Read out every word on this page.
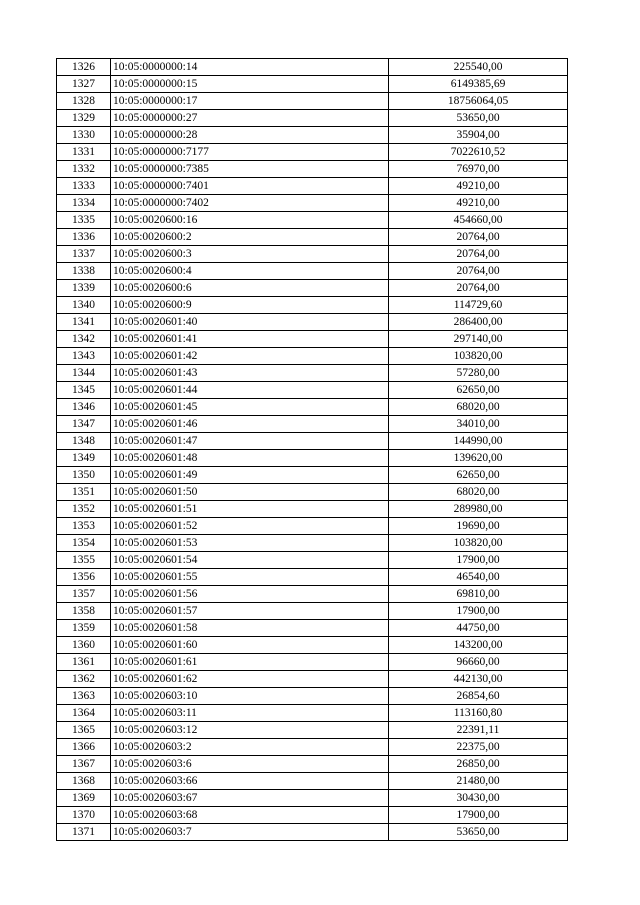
1326	10:05:0000000:14	225540,00
1327	10:05:0000000:15	6149385,69
1328	10:05:0000000:17	18756064,05
1329	10:05:0000000:27	53650,00
1330	10:05:0000000:28	35904,00
1331	10:05:0000000:7177	7022610,52
1332	10:05:0000000:7385	76970,00
1333	10:05:0000000:7401	49210,00
1334	10:05:0000000:7402	49210,00
1335	10:05:0020600:16	454660,00
1336	10:05:0020600:2	20764,00
1337	10:05:0020600:3	20764,00
1338	10:05:0020600:4	20764,00
1339	10:05:0020600:6	20764,00
1340	10:05:0020600:9	114729,60
1341	10:05:0020601:40	286400,00
1342	10:05:0020601:41	297140,00
1343	10:05:0020601:42	103820,00
1344	10:05:0020601:43	57280,00
1345	10:05:0020601:44	62650,00
1346	10:05:0020601:45	68020,00
1347	10:05:0020601:46	34010,00
1348	10:05:0020601:47	144990,00
1349	10:05:0020601:48	139620,00
1350	10:05:0020601:49	62650,00
1351	10:05:0020601:50	68020,00
1352	10:05:0020601:51	289980,00
1353	10:05:0020601:52	19690,00
1354	10:05:0020601:53	103820,00
1355	10:05:0020601:54	17900,00
1356	10:05:0020601:55	46540,00
1357	10:05:0020601:56	69810,00
1358	10:05:0020601:57	17900,00
1359	10:05:0020601:58	44750,00
1360	10:05:0020601:60	143200,00
1361	10:05:0020601:61	96660,00
1362	10:05:0020601:62	442130,00
1363	10:05:0020603:10	26854,60
1364	10:05:0020603:11	113160,80
1365	10:05:0020603:12	22391,11
1366	10:05:0020603:2	22375,00
1367	10:05:0020603:6	26850,00
1368	10:05:0020603:66	21480,00
1369	10:05:0020603:67	30430,00
1370	10:05:0020603:68	17900,00
1371	10:05:0020603:7	53650,00
